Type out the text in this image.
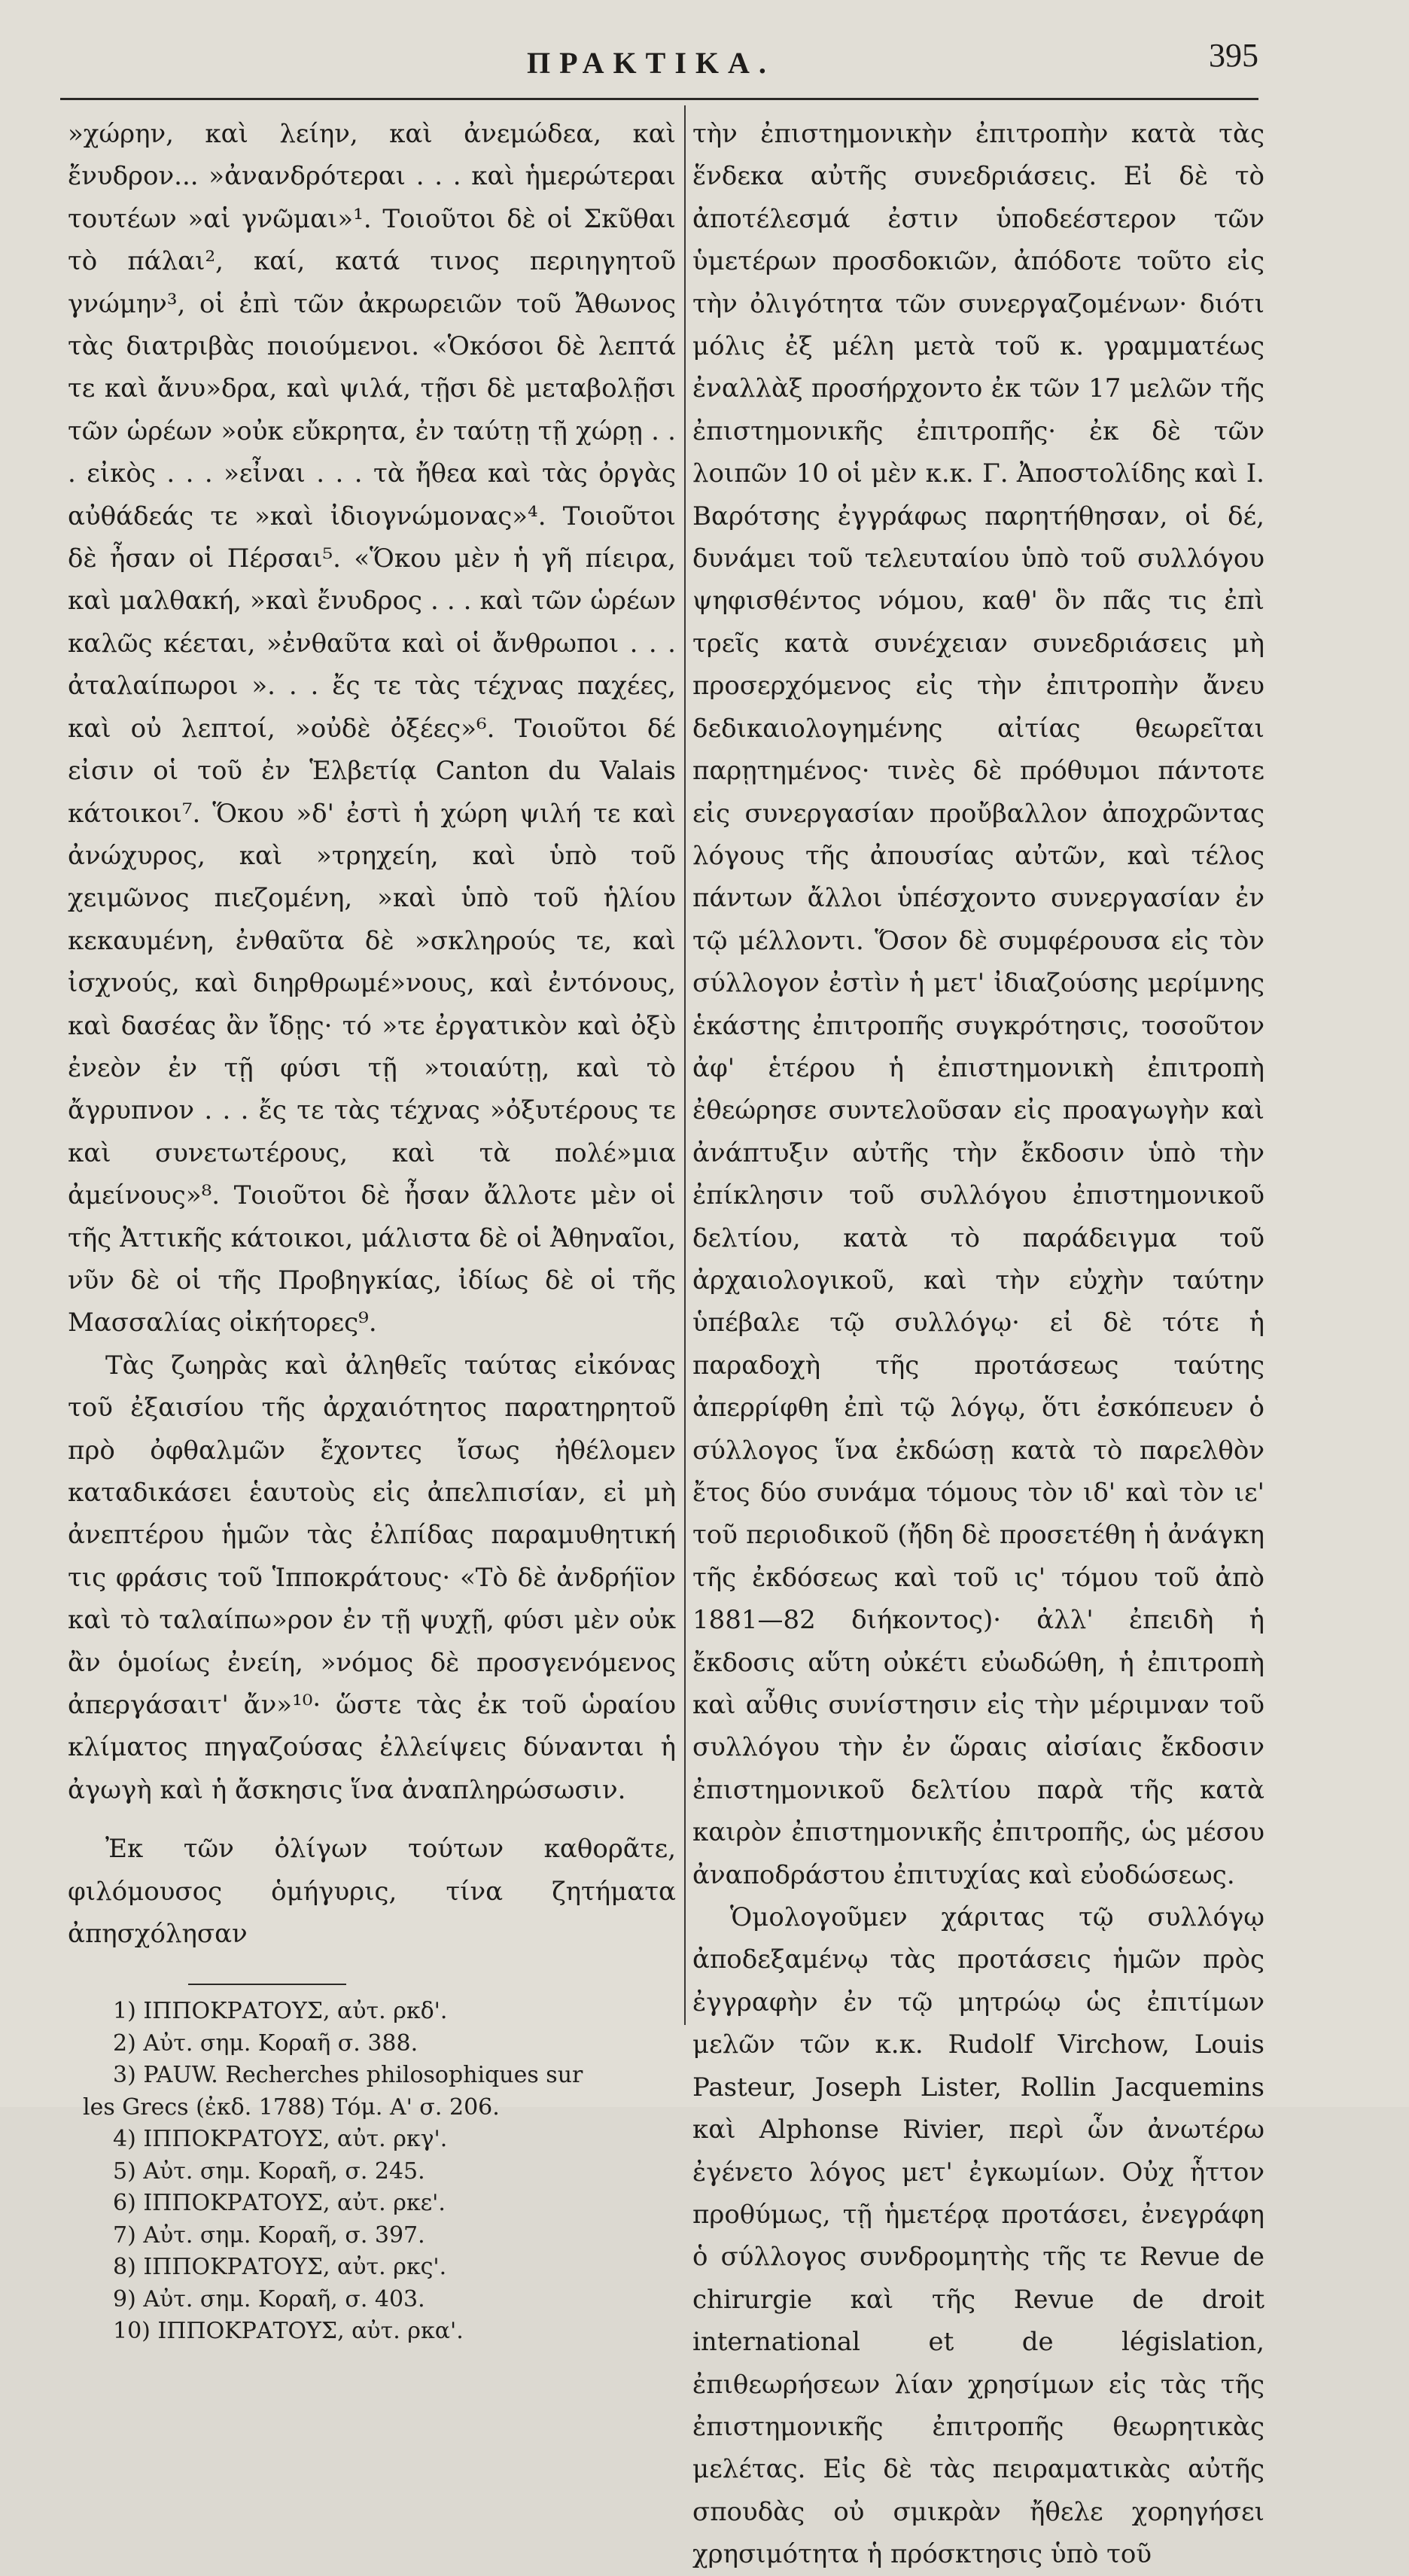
ΠΡΑΚΤΙΚΑ.	395

»χώρην, καὶ λείην, καὶ ἀνεμώδεα, καὶ ἔνυδρον... »ἀνανδρότεραι . . . καὶ ἡμερώτεραι τουτέων »αἱ γνῶμαι»¹. Τοιοῦτοι δὲ οἱ Σκῦθαι τὸ πάλαι², καί, κατά τινος περιηγητοῦ γνώμην³, οἱ ἐπὶ τῶν ἀκρωρειῶν τοῦ Ἄθωνος τὰς διατριβὰς ποιούμενοι. «Ὁκόσοι δὲ λεπτά τε καὶ ἄνυ»δρα, καὶ ψιλά, τῇσι δὲ μεταβολῇσι τῶν ὡρέων »οὐκ εὔκρητα, ἐν ταύτῃ τῇ χώρῃ . . . εἰκὸς . . . »εἶναι . . . τὰ ἤθεα καὶ τὰς ὀργὰς αὐθάδεάς τε »καὶ ἰδιογνώμονας»⁴. Τοιοῦτοι δὲ ἦσαν οἱ Πέρσαι⁵. «Ὅκου μὲν ἡ γῆ πίειρα, καὶ μαλθακή, »καὶ ἔνυδρος . . . καὶ τῶν ὡρέων καλῶς κέεται, »ἐνθαῦτα καὶ οἱ ἄνθρωποι . . . ἀταλαίπωροι ». . . ἔς τε τὰς τέχνας παχέες, καὶ οὐ λεπτοί, »οὐδὲ ὀξέες»⁶. Τοιοῦτοι δέ εἰσιν οἱ τοῦ ἐν Ἑλβετίᾳ Canton du Valais κάτοικοι⁷. Ὅκου »δ' ἐστὶ ἡ χώρη ψιλή τε καὶ ἀνώχυρος, καὶ »τρηχείη, καὶ ὑπὸ τοῦ χειμῶνος πιεζομένη, »καὶ ὑπὸ τοῦ ἡλίου κεκαυμένη, ἐνθαῦτα δὲ »σκληρούς τε, καὶ ἰσχνούς, καὶ διηρθρωμέ»νους, καὶ ἐντόνους, καὶ δασέας ἂν ἴδῃς· τό »τε ἐργατικὸν καὶ ὀξὺ ἐνεὸν ἐν τῇ φύσι τῇ »τοιαύτῃ, καὶ τὸ ἄγρυπνον . . . ἔς τε τὰς τέχνας »ὀξυτέρους τε καὶ συνετωτέρους, καὶ τὰ πολέ»μια ἀμείνους»⁸. Τοιοῦτοι δὲ ἦσαν ἄλλοτε μὲν οἱ τῆς Ἀττικῆς κάτοικοι, μάλιστα δὲ οἱ Ἀθηναῖοι, νῦν δὲ οἱ τῆς Προβηγκίας, ἰδίως δὲ οἱ τῆς Μασσαλίας οἰκήτορες⁹.

Τὰς ζωηρὰς καὶ ἀληθεῖς ταύτας εἰκόνας τοῦ ἐξαισίου τῆς ἀρχαιότητος παρατηρητοῦ πρὸ ὀφθαλμῶν ἔχοντες ἴσως ἠθέλομεν καταδικάσει ἑαυτοὺς εἰς ἀπελπισίαν, εἰ μὴ ἀνεπτέρου ἡμῶν τὰς ἐλπίδας παραμυθητική τις φράσις τοῦ Ἱπποκράτους· «Τὸ δὲ ἀνδρήϊον καὶ τὸ ταλαίπω»ρον ἐν τῇ ψυχῇ, φύσι μὲν οὐκ ἂν ὁμοίως ἐνείη, »νόμος δὲ προσγενόμενος ἀπεργάσαιτ' ἄν»¹⁰· ὥστε τὰς ἐκ τοῦ ὡραίου κλίματος πηγαζούσας ἐλλείψεις δύνανται ἡ ἀγωγὴ καὶ ἡ ἄσκησις ἵνα ἀναπληρώσωσιν.

Ἐκ τῶν ὀλίγων τούτων καθορᾶτε, φιλόμουσος ὁμήγυρις, τίνα ζητήματα ἀπησχόλησαν

1) ΙΠΠΟΚΡΑΤΟΥΣ, αὐτ. ρκδ'.

2) Αὐτ. σημ. Κοραῆ σ. 388.

3) PAUW. Recherches philosophiques sur

les Grecs (ἐκδ. 1788) Τόμ. Α' σ. 206.

4) ΙΠΠΟΚΡΑΤΟΥΣ, αὐτ. ρκγ'.

5) Αὐτ. σημ. Κοραῆ, σ. 245.

6) ΙΠΠΟΚΡΑΤΟΥΣ, αὐτ. ρκε'.

7) Αὐτ. σημ. Κοραῆ, σ. 397.

8) ΙΠΠΟΚΡΑΤΟΥΣ, αὐτ. ρκς'.

9) Αὐτ. σημ. Κοραῆ, σ. 403.

10) ΙΠΠΟΚΡΑΤΟΥΣ, αὐτ. ρκα'.

τὴν ἐπιστημονικὴν ἐπιτροπὴν κατὰ τὰς ἕνδεκα αὐτῆς συνεδριάσεις. Εἰ δὲ τὸ ἀποτέλεσμά ἐστιν ὑποδεέστερον τῶν ὑμετέρων προσδοκιῶν, ἀπόδοτε τοῦτο εἰς τὴν ὀλιγότητα τῶν συνεργαζομένων· διότι μόλις ἐξ μέλη μετὰ τοῦ κ. γραμματέως ἐναλλὰξ προσήρχοντο ἐκ τῶν 17 μελῶν τῆς ἐπιστημονικῆς ἐπιτροπῆς· ἐκ δὲ τῶν λοιπῶν 10 οἱ μὲν κ.κ. Γ. Ἀποστολίδης καὶ Ι. Βαρότσης ἐγγράφως παρητήθησαν, οἱ δέ, δυνάμει τοῦ τελευταίου ὑπὸ τοῦ συλλόγου ψηφισθέντος νόμου, καθ' ὃν πᾶς τις ἐπὶ τρεῖς κατὰ συνέχειαν συνεδριάσεις μὴ προσερχόμενος εἰς τὴν ἐπιτροπὴν ἄνευ δεδικαιολογημένης αἰτίας θεωρεῖται παρῃτημένος· τινὲς δὲ πρόθυμοι πάντοτε εἰς συνεργασίαν προὔβαλλον ἀποχρῶντας λόγους τῆς ἀπουσίας αὐτῶν, καὶ τέλος πάντων ἄλλοι ὑπέσχοντο συνεργασίαν ἐν τῷ μέλλοντι. Ὅσον δὲ συμφέρουσα εἰς τὸν σύλλογον ἐστὶν ἡ μετ' ἰδιαζούσης μερίμνης ἑκάστης ἐπιτροπῆς συγκρότησις, τοσοῦτον ἀφ' ἑτέρου ἡ ἐπιστημονικὴ ἐπιτροπὴ ἐθεώρησε συντελοῦσαν εἰς προαγωγὴν καὶ ἀνάπτυξιν αὐτῆς τὴν ἔκδοσιν ὑπὸ τὴν ἐπίκλησιν τοῦ συλλόγου ἐπιστημονικοῦ δελτίου, κατὰ τὸ παράδειγμα τοῦ ἀρχαιολογικοῦ, καὶ τὴν εὐχὴν ταύτην ὑπέβαλε τῷ συλλόγῳ· εἰ δὲ τότε ἡ παραδοχὴ τῆς προτάσεως ταύτης ἀπερρίφθη ἐπὶ τῷ λόγῳ, ὅτι ἐσκόπευεν ὁ σύλλογος ἵνα ἐκδώσῃ κατὰ τὸ παρελθὸν ἔτος δύο συνάμα τόμους τὸν ιδ' καὶ τὸν ιε' τοῦ περιοδικοῦ (ἤδη δὲ προσετέθη ἡ ἀνάγκη τῆς ἐκδόσεως καὶ τοῦ ις' τόμου τοῦ ἀπὸ 1881—82 διήκοντος)· ἀλλ' ἐπειδὴ ἡ ἔκδοσις αὕτη οὐκέτι εὐωδώθη, ἡ ἐπιτροπὴ καὶ αὖθις συνίστησιν εἰς τὴν μέριμναν τοῦ συλλόγου τὴν ἐν ὥραις αἰσίαις ἔκδοσιν ἐπιστημονικοῦ δελτίου παρὰ τῆς κατὰ καιρὸν ἐπιστημονικῆς ἐπιτροπῆς, ὡς μέσου ἀναποδράστου ἐπιτυχίας καὶ εὐοδώσεως.

Ὁμολογοῦμεν χάριτας τῷ συλλόγῳ ἀποδεξαμένῳ τὰς προτάσεις ἡμῶν πρὸς ἐγγραφὴν ἐν τῷ μητρώῳ ὡς ἐπιτίμων μελῶν τῶν κ.κ. Rudolf Virchow, Louis Pasteur, Joseph Lister, Rollin Jacquemins καὶ Alphonse Rivier, περὶ ὧν ἀνωτέρω ἐγένετο λόγος μετ' ἐγκωμίων. Οὐχ ἧττον προθύμως, τῇ ἡμετέρᾳ προτάσει, ἐνεγράφη ὁ σύλλογος συνδρομητὴς τῆς τε Revue de chirurgie καὶ τῆς Revue de droit international et de législation, ἐπιθεωρήσεων λίαν χρησίμων εἰς τὰς τῆς ἐπιστημονικῆς ἐπιτροπῆς θεωρητικὰς μελέτας. Εἰς δὲ τὰς πειραματικὰς αὐτῆς σπουδὰς οὐ σμικρὰν ἤθελε χορηγήσει χρησιμότητα ἡ πρόσκτησις ὑπὸ τοῦ
